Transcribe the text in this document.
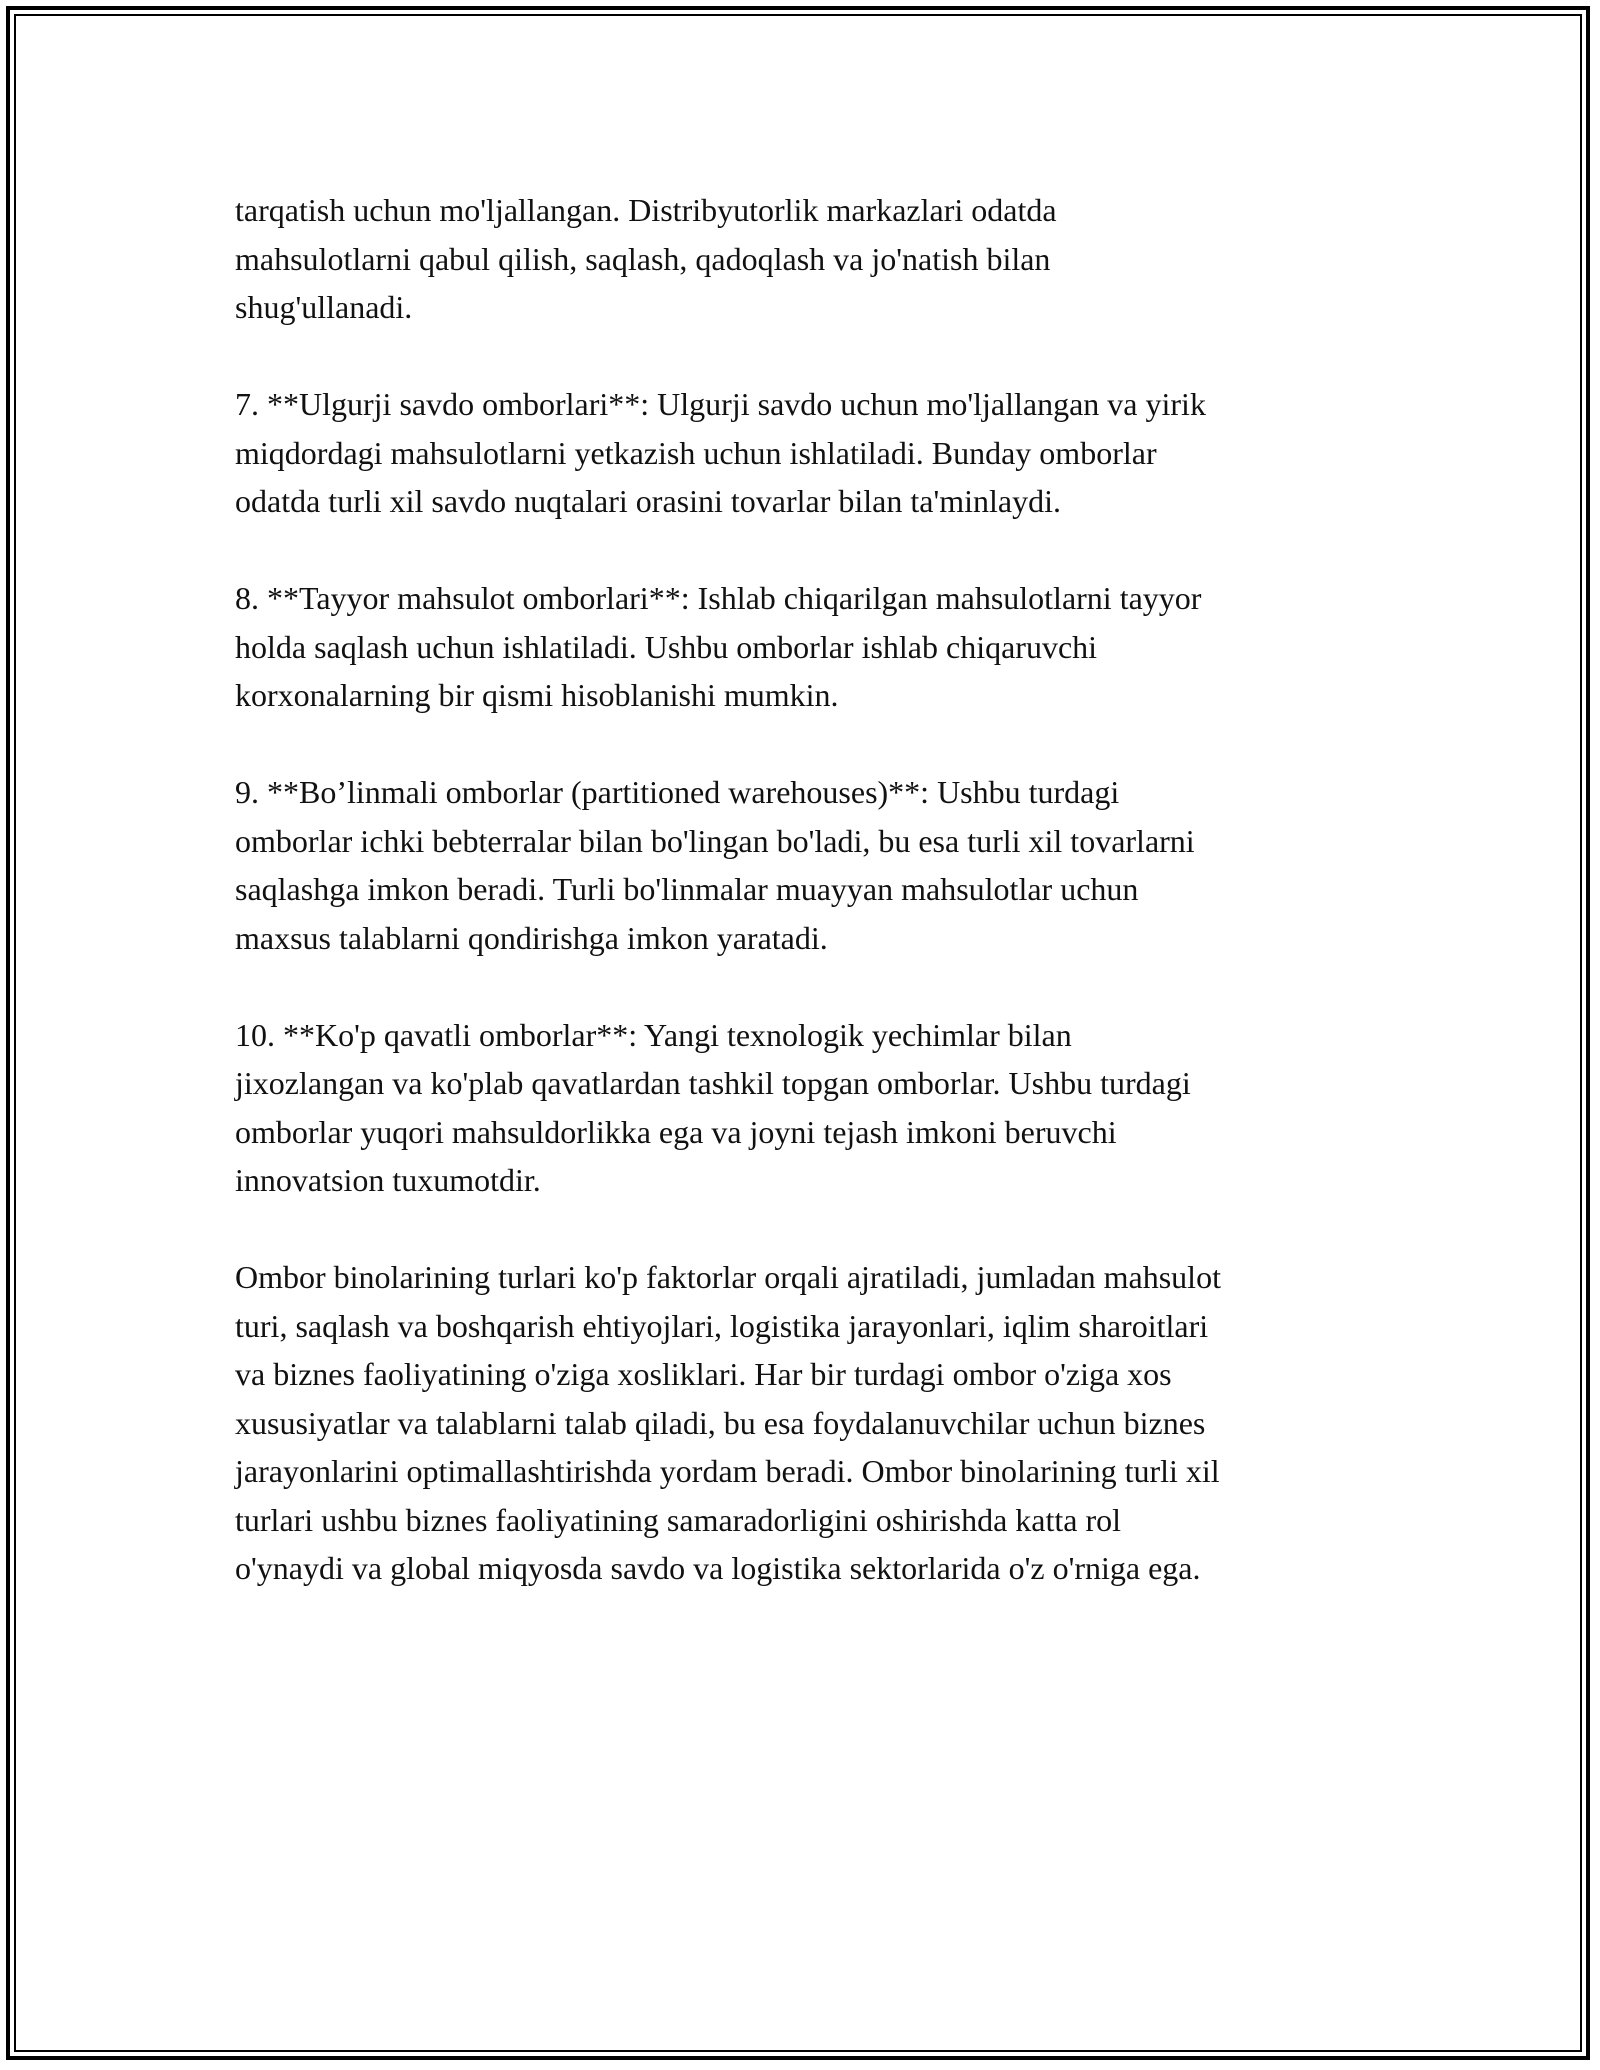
tarqatish uchun mo'ljallangan. Distribyutorlik markazlari odatda
mahsulotlarni qabul qilish, saqlash, qadoqlash va jo'natish bilan
shug'ullanadi.

7. **Ulgurji savdo omborlari**: Ulgurji savdo uchun mo'ljallangan va yirik
miqdordagi mahsulotlarni yetkazish uchun ishlatiladi. Bunday omborlar
odatda turli xil savdo nuqtalari orasini tovarlar bilan ta'minlaydi.

8. **Tayyor mahsulot omborlari**: Ishlab chiqarilgan mahsulotlarni tayyor
holda saqlash uchun ishlatiladi. Ushbu omborlar ishlab chiqaruvchi
korxonalarning bir qismi hisoblanishi mumkin.

9. **Bo’linmali omborlar (partitioned warehouses)**: Ushbu turdagi
omborlar ichki bebterralar bilan bo'lingan bo'ladi, bu esa turli xil tovarlarni
saqlashga imkon beradi. Turli bo'linmalar muayyan mahsulotlar uchun
maxsus talablarni qondirishga imkon yaratadi.

10. **Ko'p qavatli omborlar**: Yangi texnologik yechimlar bilan
jixozlangan va ko'plab qavatlardan tashkil topgan omborlar. Ushbu turdagi
omborlar yuqori mahsuldorlikka ega va joyni tejash imkoni beruvchi
innovatsion tuxumotdir.

Ombor binolarining turlari ko'p faktorlar orqali ajratiladi, jumladan mahsulot
turi, saqlash va boshqarish ehtiyojlari, logistika jarayonlari, iqlim sharoitlari
va biznes faoliyatining o'ziga xosliklari. Har bir turdagi ombor o'ziga xos
xususiyatlar va talablarni talab qiladi, bu esa foydalanuvchilar uchun biznes
jarayonlarini optimallashtirishda yordam beradi. Ombor binolarining turli xil
turlari ushbu biznes faoliyatining samaradorligini oshirishda katta rol
o'ynaydi va global miqyosda savdo va logistika sektorlarida o'z o'rniga ega.
